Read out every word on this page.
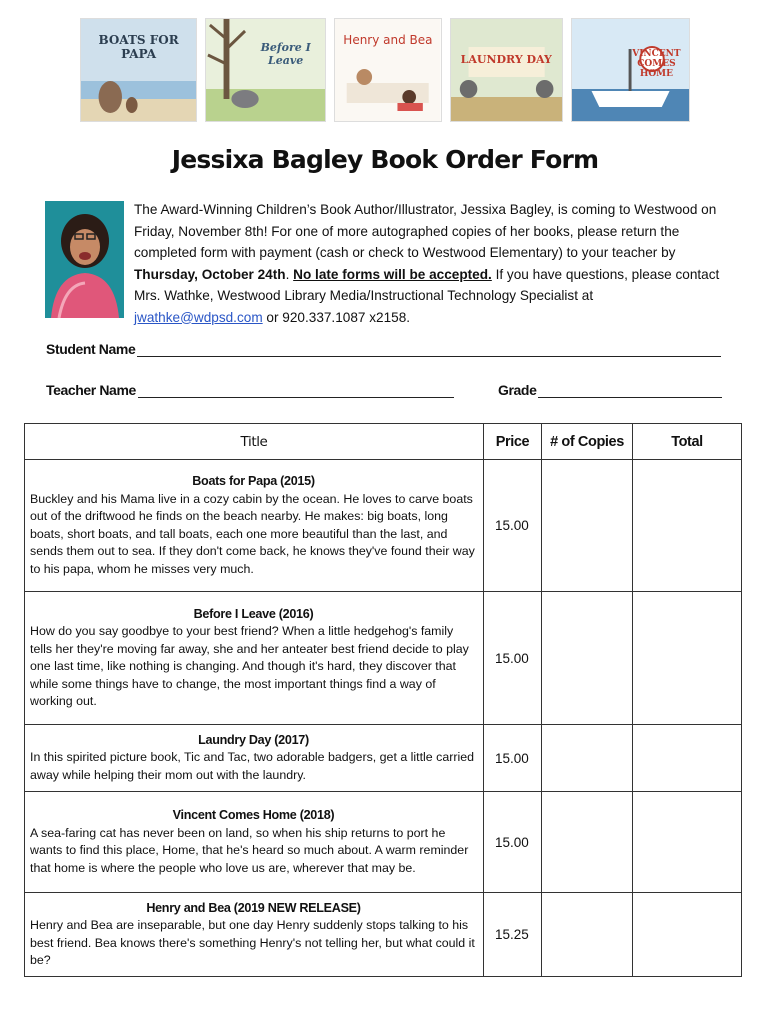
BOATS FOR PAPA	Before I Leave
Henry and Bea
LAUNDRY DAY	VINCENT COMES HOME
Jessixa Bagley Book Order Form
The Award-Winning Children’s Book Author/Illustrator, Jessixa Bagley, is coming to Westwood on Friday, November 8th! For one of more autographed copies of her books, please return the completed form with payment (cash or check to Westwood Elementary) to your teacher by Thursday, October 24th. No late forms will be accepted. If you have questions, please contact Mrs. Wathke, Westwood Library Media/Instructional Technology Specialist at jwathke@wdpsd.com or 920.337.1087 x2158.
Student Name
Teacher Name	Grade
Title	Price	# of Copies	Total

Boats for Papa (2015)
Buckley and his Mama live in a cozy cabin by the ocean. He loves to carve boats out of the driftwood he finds on the beach nearby. He makes: big boats, long boats, short boats, and tall boats, each one more beautiful than the last, and sends them out to sea. If they don't come back, he knows they've found their way to his papa, whom he misses very much.	15.00		

Before I Leave (2016)
How do you say goodbye to your best friend? When a little hedgehog's family tells her they're moving far away, she and her anteater best friend decide to play one last time, like nothing is changing. And though it's hard, they discover that while some things have to change, the most important things find a way of working out.	15.00		

Laundry Day (2017)
In this spirited picture book, Tic and Tac, two adorable badgers, get a little carried away while helping their mom out with the laundry.	15.00		

Vincent Comes Home (2018)
A sea-faring cat has never been on land, so when his ship returns to port he wants to find this place, Home, that he's heard so much about. A warm reminder that home is where the people who love us are, wherever that may be.	15.00		

Henry and Bea (2019 NEW RELEASE)
Henry and Bea are inseparable, but one day Henry suddenly stops talking to his best friend. Bea knows there's something Henry's not telling her, but what could it be?	15.25		
